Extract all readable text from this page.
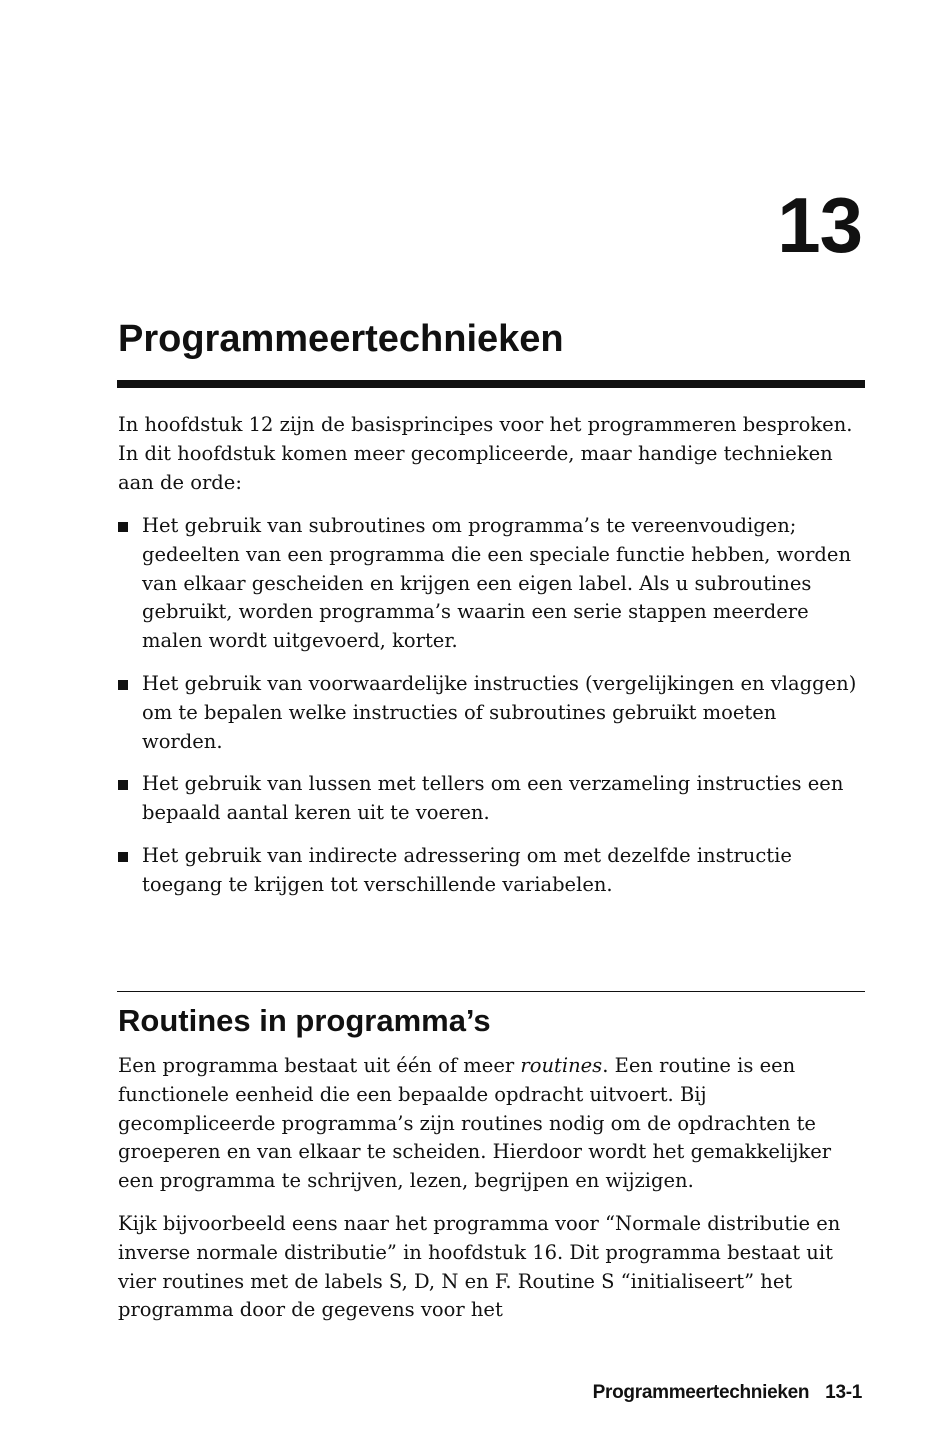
13
Programmeertechnieken

In hoofdstuk 12 zijn de basisprincipes voor het programmeren besproken. In dit hoofdstuk komen meer gecompliceerde, maar handige technieken aan de orde:

Het gebruik van subroutines om programma’s te vereenvoudigen; gedeelten van een programma die een speciale functie hebben, worden van elkaar gescheiden en krijgen een eigen label. Als u subroutines gebruikt, worden programma’s waarin een serie stappen meerdere malen wordt uitgevoerd, korter.
Het gebruik van voorwaardelijke instructies (vergelijkingen en vlaggen) om te bepalen welke instructies of subroutines gebruikt moeten worden.
Het gebruik van lussen met tellers om een verzameling instructies een bepaald aantal keren uit te voeren.
Het gebruik van indirecte adressering om met dezelfde instructie toegang te krijgen tot verschillende variabelen.
Routines in programma’s

Een programma bestaat uit één of meer routines. Een routine is een functionele eenheid die een bepaalde opdracht uitvoert. Bij gecompliceerde programma’s zijn routines nodig om de opdrachten te groeperen en van elkaar te scheiden. Hierdoor wordt het gemakkelijker een programma te schrijven, lezen, begrijpen en wijzigen.

Kijk bijvoorbeeld eens naar het programma voor “Normale distributie en inverse normale distributie” in hoofdstuk 16. Dit programma bestaat uit vier routines met de labels S, D, N en F. Routine S “initialiseert” het programma door de gegevens voor het

Programmeertechnieken 13-1
